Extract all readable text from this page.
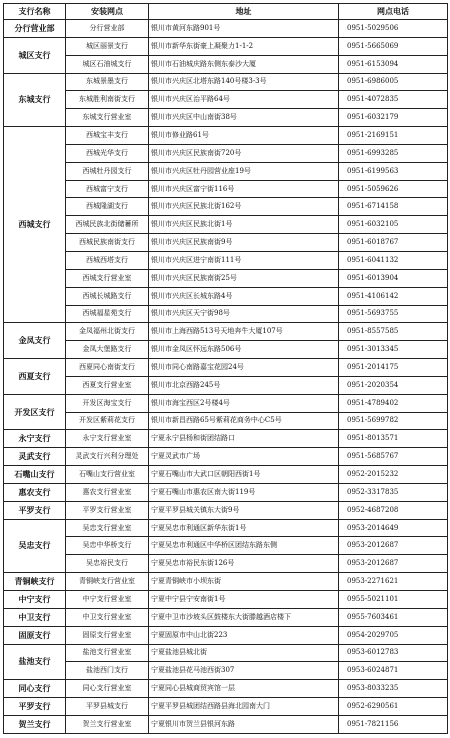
支行名称	安装网点	地址	网点电话
分行营业部	分行营业部	银川市黄河东路901号	0951-5029506
城区支行	城区丽景支行	银川市新华东街豪上凝聚力1-1-2	0951-5665069
	城区石油城支行	银川市石油城庆路东侧东泰沙大厦	0951-6153094
东城支行	东城景墨支行	银川市兴庆区北塔东路140号楼3-3号	0951-6986005
	东城胜利南街支行	银川市兴庆区治平路64号	0951-4072835
	东城支行营业室	银川市兴庆区中山南街38号	0951-6032179
西城支行	西城宝丰支行	银川市修业路61号	0951-2169151
	西城光华支行	银川市兴庆区民族南街720号	0951-6993285
	西城牡丹园支行	银川市兴庆区牡丹园营业座19号	0951-6199563
	西城富宁支行	银川市兴庆区富宁街116号	0951-5059626
	西城隆湖支行	银川市兴庆区民族北街162号	0951-6714158
	西城民族北街储蓄所	银川市兴庆区民族北街1号	0951-6032105
	西城民族南街支行	银川市兴庆区民族南街9号	0951-6018767
	西城西塔支行	银川市兴庆区进宁南街111号	0951-6041132
	西城支行营业室	银川市兴庆区民族南街25号	0951-6013904
	西城长城路支行	银川市兴庆区长城东路4号	0951-4106142
	西城福星苑支行	银川市兴庆区天宁街98号	0951-5693755
金凤支行	金凤福州北街支行	银川市上海西路513号天地奔牛大厦107号	0951-8557585
	金凤大堡路支行	银川市金凤区怀远东路506号	0951-3013345
西夏支行	西夏同心南街支行	银川市同心南路嘉宝花园24号	0951-2014175
	西夏支行营业室	银川市北京西路245号	0951-2020354
开发区支行	开发区海宝支行	银川市海宝西区2号楼4号	0951-4789402
	开发区紫莉花支行	银川市新昌西路65号紫莉花商务中心C5号	0951-5699782
永宁支行	永宁支行营业室	宁夏永宁县杨和街团结路口	0951-8013571
灵武支行	灵武支行兴利分理处	宁夏灵武市广场	0951-5685767
石嘴山支行	石嘴山支行营业室	宁夏石嘴山市大武口区朝阳西街1号	0952-2015232
惠农支行	惠农支行营业室	宁夏石嘴山市惠农区南大街119号	0952-3317835
平罗支行	平罗支行营业室	宁夏平罗县城关镇东大街9号	0952-4687208
吴忠支行	吴忠支行营业室	宁夏吴忠市利通区新华东街1号	0953-2014649
	吴忠中华桥支行	宁夏吴忠市利通区中华桥区团结东路东侧	0953-2012687
	吴忠裕民支行	宁夏吴忠市裕民东街126号	0953-2012687
青铜峡支行	青铜峡支行营业室	宁夏青铜峡市小坝东街	0953-2271621
中宁支行	中宁支行营业室	宁夏中宁县宁安南街1号	0955-5021101
中卫支行	中卫支行营业室	宁夏中卫市沙坡头区鼓楼东大街滕越酒店楼下	0955-7603461
固原支行	固原支行营业室	宁夏固原市中山北街223	0954-2029705
盐池支行	盐池支行营业室	宁夏盐池县城北街	0953-6012783
	盐池西门支行	宁夏盐池县花马池西街307	0953-6024871
同心支行	同心支行营业室	宁夏同心县城商贸宾馆一层	0953-8033235
平罗支行	平罗县城支行	宁夏平罗县城团结西路县海北园南大门	0952-6290561
贺兰支行	贺兰支行营业室	宁夏银川市贺兰县银河东路	0951-7821156
